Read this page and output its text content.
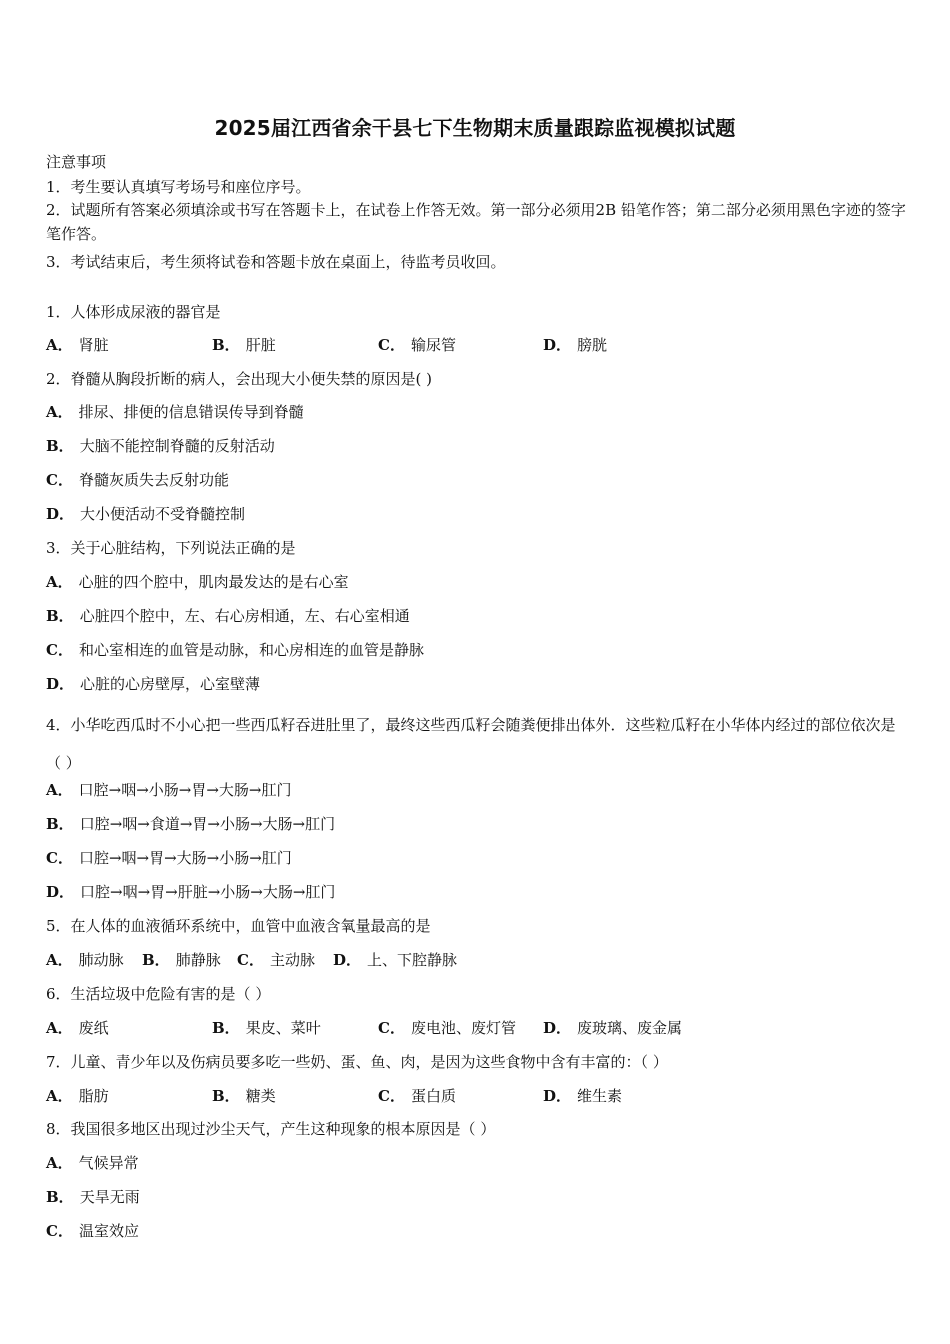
2025届江西省余干县七下生物期末质量跟踪监视模拟试题
注意事项
1．考生要认真填写考场号和座位序号。
2．试题所有答案必须填涂或书写在答题卡上，在试卷上作答无效。第一部分必须用2B 铅笔作答；第二部分必须用黑色字迹的签字笔作答。
3．考试结束后，考生须将试卷和答题卡放在桌面上，待监考员收回。
1．人体形成尿液的器官是
A． 肾脏	B． 肝脏	C． 输尿管	D． 膀胱
2．脊髓从胸段折断的病人，会出现大小便失禁的原因是( )
A． 排尿、排便的信息错误传导到脊髓
B． 大脑不能控制脊髓的反射活动
C． 脊髓灰质失去反射功能
D． 大小便活动不受脊髓控制
3．关于心脏结构，下列说法正确的是
A． 心脏的四个腔中，肌肉最发达的是右心室
B． 心脏四个腔中，左、右心房相通，左、右心室相通
C． 和心室相连的血管是动脉，和心房相连的血管是静脉
D． 心脏的心房壁厚，心室壁薄
4．小华吃西瓜时不小心把一些西瓜籽吞进肚里了，最终这些西瓜籽会随粪便排出体外．这些粒瓜籽在小华体内经过的部位依次是（ ）
A． 口腔→咽→小肠→胃→大肠→肛门
B． 口腔→咽→食道→胃→小肠→大肠→肛门
C． 口腔→咽→胃→大肠→小肠→肛门
D． 口腔→咽→胃→肝脏→小肠→大肠→肛门
5．在人体的血液循环系统中，血管中血液含氧量最高的是
A． 肺动脉 B． 肺静脉 C． 主动脉 D． 上、下腔静脉
6．生活垃圾中危险有害的是（ ）
A． 废纸	B． 果皮、菜叶	C． 废电池、废灯管 D． 废玻璃、废金属
7．儿童、青少年以及伤病员要多吃一些奶、蛋、鱼、肉，是因为这些食物中含有丰富的：（ ）
A． 脂肪	B． 糖类	C． 蛋白质	D． 维生素
8．我国很多地区出现过沙尘天气，产生这种现象的根本原因是（ ）
A． 气候异常
B． 天旱无雨
C． 温室效应
